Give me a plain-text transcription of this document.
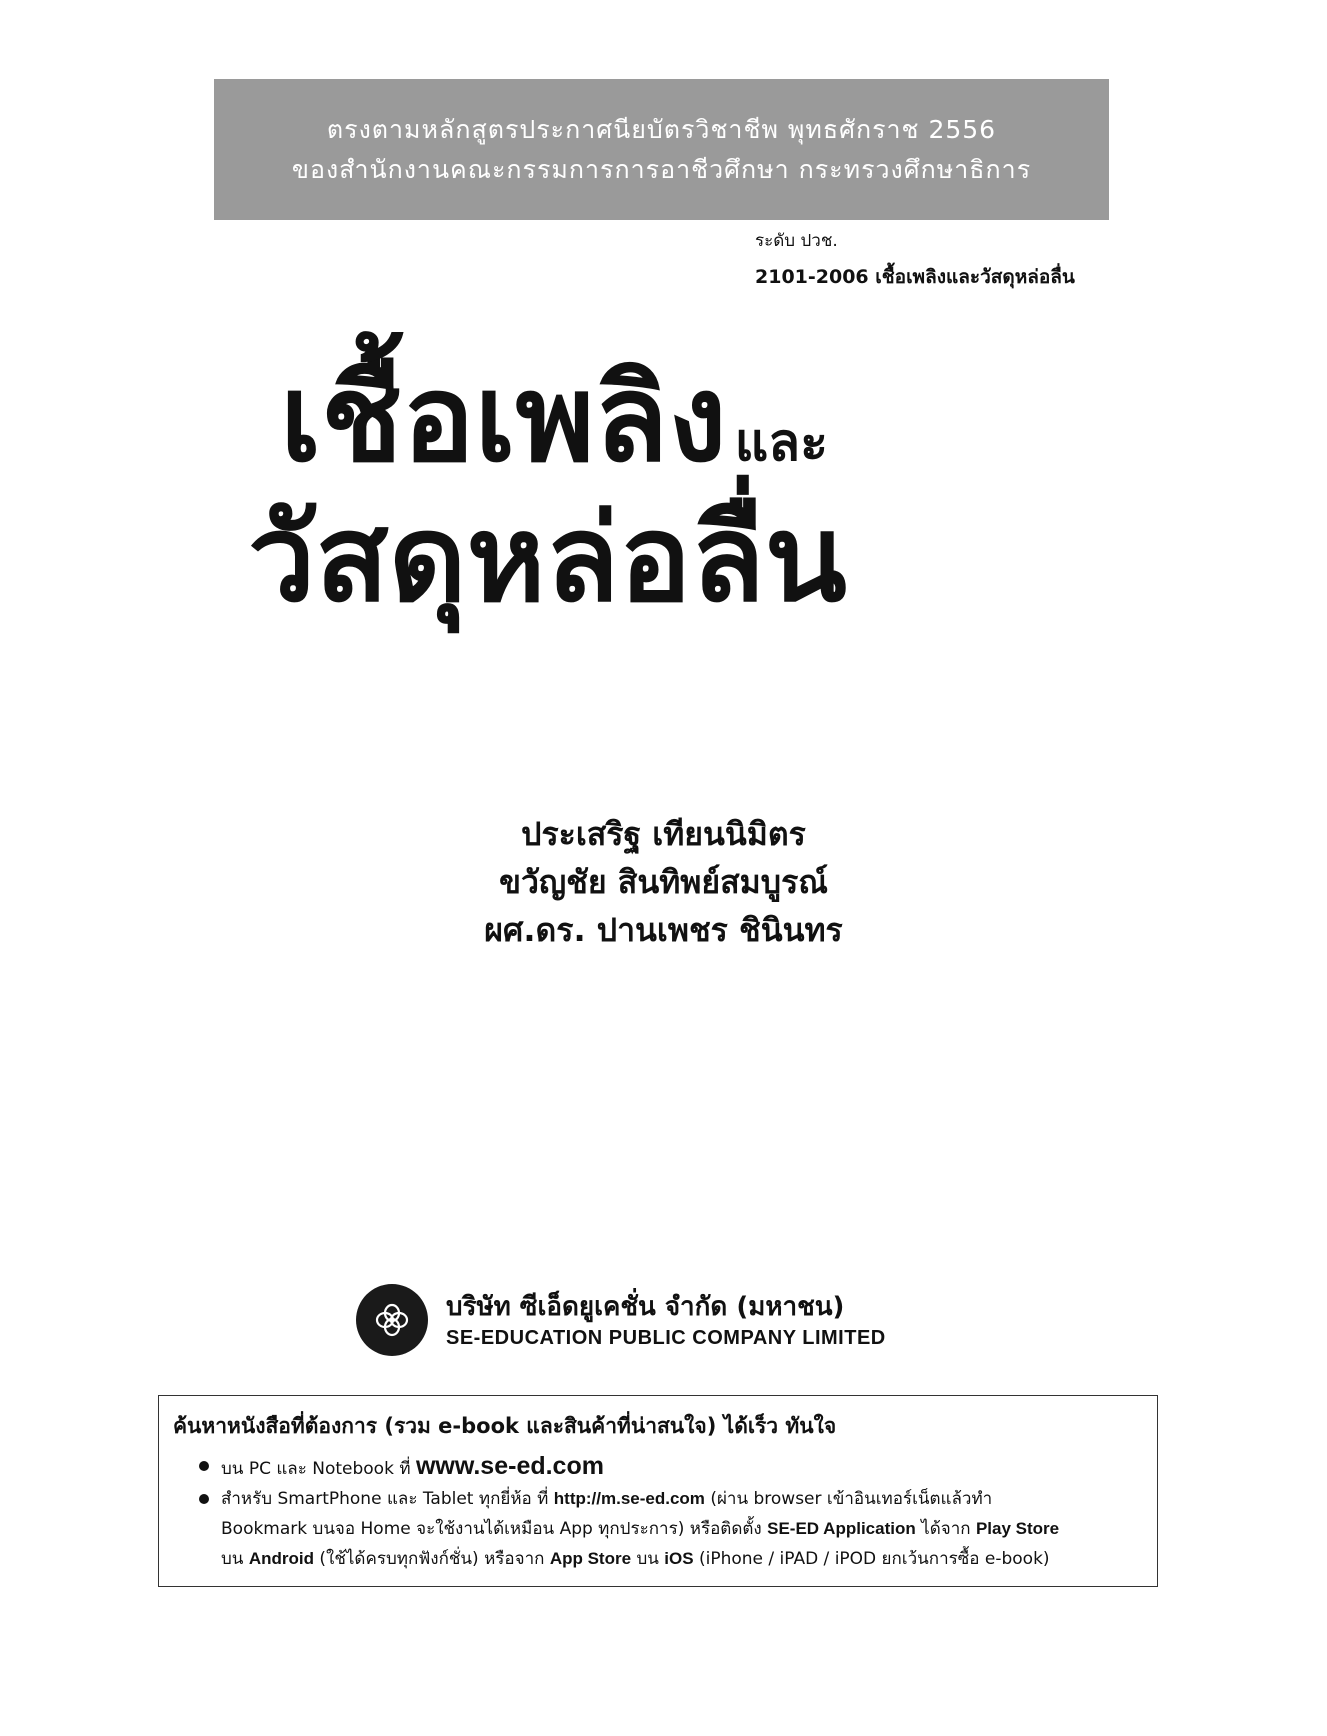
ตรงตามหลักสูตรประกาศนียบัตรวิชาชีพ พุทธศักราช 2556
ของสำนักงานคณะกรรมการการอาชีวศึกษา กระทรวงศึกษาธิการ
ระดับ ปวช.
2101-2006 เชื้อเพลิงและวัสดุหล่อลื่น
เชื้อเพลิง และ
วัสดุหล่อลื่น
ประเสริฐ เทียนนิมิตร
ขวัญชัย สินทิพย์สมบูรณ์
ผศ.ดร. ปานเพชร ชินินทร
บริษัท ซีเอ็ดยูเคชั่น จำกัด (มหาชน)
SE-EDUCATION PUBLIC COMPANY LIMITED
ค้นหาหนังสือที่ต้องการ (รวม e-book และสินค้าที่น่าสนใจ) ได้เร็ว ทันใจ
บน PC และ Notebook ที่ www.se-ed.com
สำหรับ SmartPhone และ Tablet ทุกยี่ห้อ ที่ http://m.se-ed.com (ผ่าน browser เข้าอินเทอร์เน็ตแล้วทำ
Bookmark บนจอ Home จะใช้งานได้เหมือน App ทุกประการ) หรือติดตั้ง SE-ED Application ได้จาก Play Store
บน Android (ใช้ได้ครบทุกฟังก์ชั่น) หรือจาก App Store บน iOS (iPhone / iPAD / iPOD ยกเว้นการซื้อ e-book)
